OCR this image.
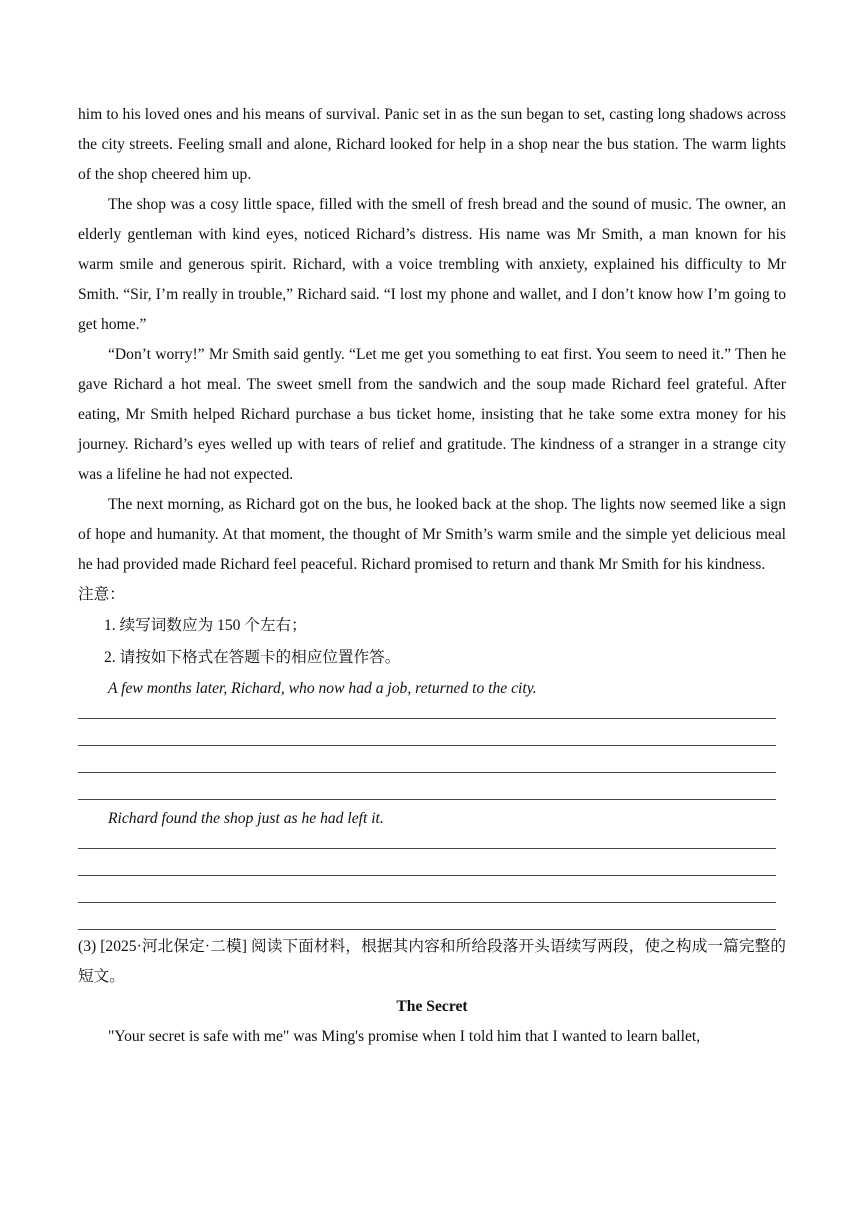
him to his loved ones and his means of survival. Panic set in as the sun began to set, casting long shadows across the city streets. Feeling small and alone, Richard looked for help in a shop near the bus station. The warm lights of the shop cheered him up.

The shop was a cosy little space, filled with the smell of fresh bread and the sound of music. The owner, an elderly gentleman with kind eyes, noticed Richard’s distress. His name was Mr Smith, a man known for his warm smile and generous spirit. Richard, with a voice trembling with anxiety, explained his difficulty to Mr Smith. “Sir, I’m really in trouble,” Richard said. “I lost my phone and wallet, and I don’t know how I’m going to get home.”

“Don’t worry!” Mr Smith said gently. “Let me get you something to eat first. You seem to need it.” Then he gave Richard a hot meal. The sweet smell from the sandwich and the soup made Richard feel grateful. After eating, Mr Smith helped Richard purchase a bus ticket home, insisting that he take some extra money for his journey. Richard’s eyes welled up with tears of relief and gratitude. The kindness of a stranger in a strange city was a lifeline he had not expected.

The next morning, as Richard got on the bus, he looked back at the shop. The lights now seemed like a sign of hope and humanity. At that moment, the thought of Mr Smith’s warm smile and the simple yet delicious meal he had provided made Richard feel peaceful. Richard promised to return and thank Mr Smith for his kindness.

注意：

1. 续写词数应为 150 个左右；

2. 请按如下格式在答题卡的相应位置作答。

A few months later, Richard, who now had a job, returned to the city.

Richard found the shop just as he had left it.

(3) [2025·河北保定·二模] 阅读下面材料，根据其内容和所给段落开头语续写两段，使之构成一篇完整的短文。

The Secret

"Your secret is safe with me" was Ming's promise when I told him that I wanted to learn ballet,
